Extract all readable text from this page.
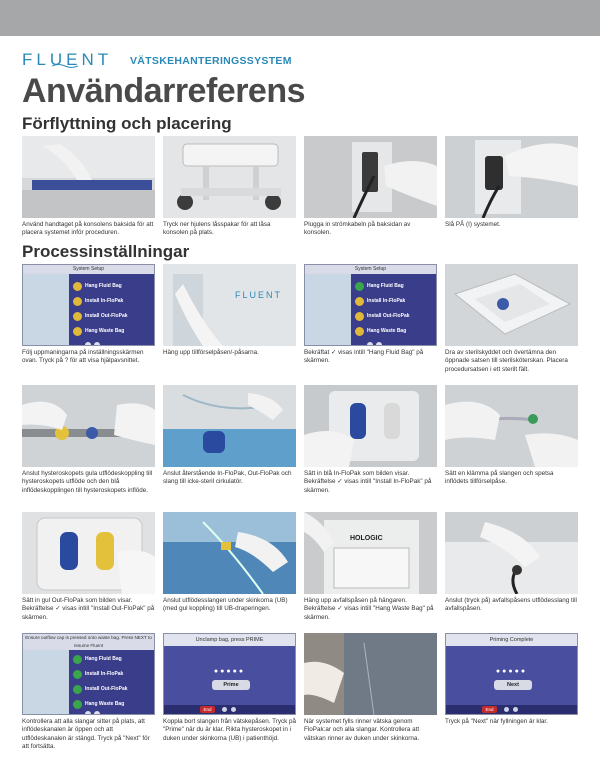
FLUENT VÄTSKEHANTERINGSSYSTEM
Användarreferens
Förflyttning och placering
Processinställningar
Använd handtaget på konsolens baksida för att placera systemet inför proceduren.
Tryck ner hjulens låsspakar för att låsa konsolen på plats.
Plugga in strömkabeln på baksidan av konsolen.
Slå PÅ (I) systemet.
System Setup
Hang Fluid Bag
Install In-FloPak
Install Out-FloPak
Hang Waste Bag
Följ uppmaningarna på inställningsskärmen ovan. Tryck på ? för att visa hjälpavsnittet.
FLUENT
Häng upp tillförselpåsen/-påsarna.
System Setup
Hang Fluid Bag
Install In-FloPak
Install Out-FloPak
Hang Waste Bag
Bekräftat ✓ visas intill "Hang Fluid Bag" på skärmen.
Dra av sterilskyddet och övertämna den öppnade satsen till sterilsköterskan. Placera procedursatsen i ett sterilt fält.
Anslut hysteroskopets gula utflödeskoppling till hysteroskopets utflöde och den blå inflödeskopplingen till hysteroskopets inflöde.
Anslut återstående In-FloPak, Out-FloPak och slang till icke-steril cirkulatör.
Sätt in blå In-FloPak som bilden visar. Bekräftelse ✓ visas intill "Install In-FloPak" på skärmen.
Sätt en klämma på slangen och spetsa inflödets tillförselpåse.
Sätt in gul Out-FloPak som bilden visar. Bekräftelse ✓ visas intill "Install Out-FloPak" på skärmen.
Anslut utflödesslangen under skinkorna (UB) (med gul koppling) till UB-draperingen.
HOLOGIC
Häng upp avfallspåsen på hängaren. Bekräftelse ✓ visas intill "Hang Waste Bag" på skärmen.
Anslut (tryck på) avfallspåsens utflödesslang till avfallspåsen.
Ensure outflow cap is pressed onto waste bag. Press NEXT to resume Fluent
Hang Fluid Bag
Install In-FloPak
Install Out-FloPak
Hang Waste Bag
Kontrollera att alla slangar sitter på plats, att inflödeskanalen är öppen och att utflödeskanalen är stängd. Tryck på "Next" för att fortsätta.
Unclamp bag, press PRIME
●●●●●
Prime
End
Koppla bort slangen från vätskepåsen. Tryck på "Prime" när du är klar. Rikta hysteroskopet in i duken under skinkorna (UB) i patienthöjd.
När systemet fylls rinner vätska genom FloPak:ar och alla slangar. Kontrollera att vätskan rinner av duken under skinkorna.
Priming Complete
●●●●●
Next
End
Tryck på "Next" när fyllningen är klar.
